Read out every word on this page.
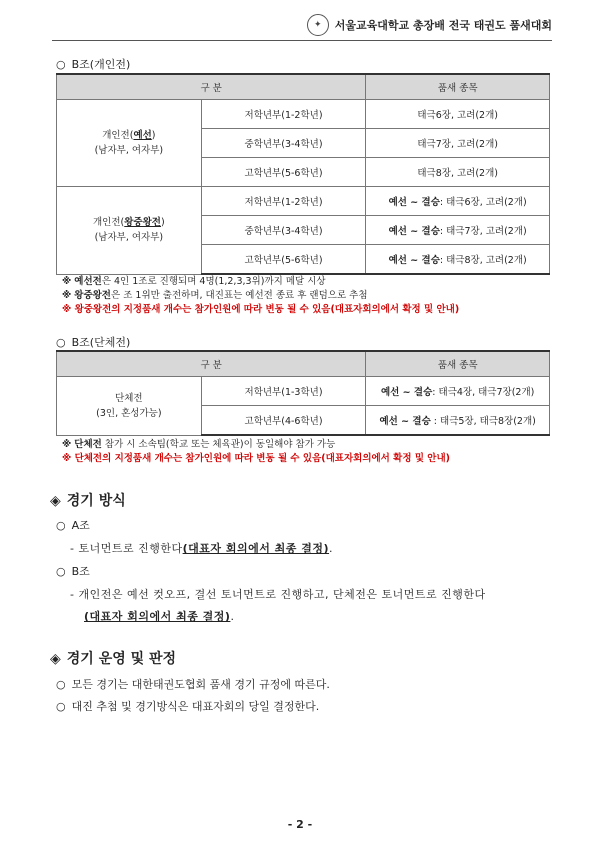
✦	서울교육대학교 총장배 전국 태권도 품새대회
○ B조(개인전)
구 분		품새 종목
개인전(예선)
(남자부, 여자부)	저학년부(1-2학년)	태극6장, 고려(2개)
	중학년부(3-4학년)	태극7장, 고려(2개)
	고학년부(5-6학년)	태극8장, 고려(2개)
개인전(왕중왕전)
(남자부, 여자부)	저학년부(1-2학년)	예선 ~ 결승: 태극6장, 고려(2개)
	중학년부(3-4학년)	예선 ~ 결승: 태극7장, 고려(2개)
	고학년부(5-6학년)	예선 ~ 결승: 태극8장, 고려(2개)
※ 예선전은 4인 1조로 진행되며 4명(1,2,3,3위)까지 메달 시상
※ 왕중왕전은 조 1위만 출전하며, 대진표는 예선전 종료 후 랜덤으로 추첨
※ 왕중왕전의 지정품새 개수는 참가인원에 따라 변동 될 수 있음(대표자회의에서 확정 및 안내)
○ B조(단체전)
구 분		품새 종목
단체전
(3인, 혼성가능)	저학년부(1-3학년)	예선 ~ 결승: 태극4장, 태극7장(2개)
	고학년부(4-6학년)	예선 ~ 결승 : 태극5장, 태극8장(2개)
※ 단체전 참가 시 소속팀(학교 또는 체육관)이 동일해야 참가 가능
※ 단체전의 지정품새 개수는 참가인원에 따라 변동 될 수 있음(대표자회의에서 확정 및 안내)
◈ 경기 방식
○ A조
- 토너먼트로 진행한다(대표자 회의에서 최종 결정).
○ B조
- 개인전은 예선 컷오프, 결선 토너먼트로 진행하고, 단체전은 토너먼트로 진행한다
(대표자 회의에서 최종 결정).
◈ 경기 운영 및 판정
○ 모든 경기는 대한태권도협회 품새 경기 규정에 따른다.
○ 대진 추첨 및 경기방식은 대표자회의 당일 결정한다.
- 2 -
